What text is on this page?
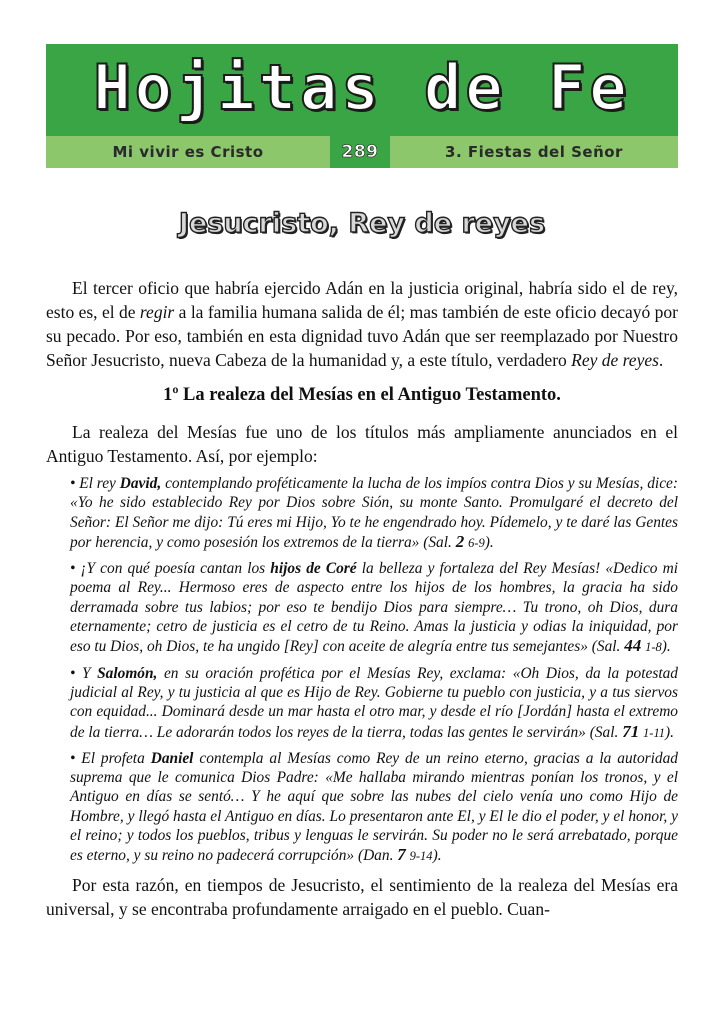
Hojitas de Fe
Mi vivir es Cristo	289	3. Fiestas del Señor
Jesucristo, Rey de reyes

El tercer oficio que habría ejercido Adán en la justicia original, habría sido el de rey, esto es, el de regir a la familia humana salida de él; mas también de este oficio decayó por su pecado. Por eso, también en esta dignidad tuvo Adán que ser reemplazado por Nuestro Señor Jesucristo, nueva Cabeza de la humanidad y, a este título, verdadero Rey de reyes.

1º La realeza del Mesías en el Antiguo Testamento.

La realeza del Mesías fue uno de los títulos más ampliamente anunciados en el Antiguo Testamento. Así, por ejemplo:

• El rey David, contemplando proféticamente la lucha de los impíos contra Dios y su Mesías, dice: «Yo he sido establecido Rey por Dios sobre Sión, su monte Santo. Promulgaré el decreto del Señor: El Señor me dijo: Tú eres mi Hijo, Yo te he engendrado hoy. Pídemelo, y te daré las Gentes por herencia, y como posesión los extremos de la tierra» (Sal. 2 6-9).

• ¡Y con qué poesía cantan los hijos de Coré la belleza y fortaleza del Rey Mesías! «Dedico mi poema al Rey... Hermoso eres de aspecto entre los hijos de los hombres, la gracia ha sido derramada sobre tus labios; por eso te bendijo Dios para siempre… Tu trono, oh Dios, dura eternamente; cetro de justicia es el cetro de tu Reino. Amas la justicia y odias la iniquidad, por eso tu Dios, oh Dios, te ha ungido [Rey] con aceite de alegría entre tus semejantes» (Sal. 44 1-8).

• Y Salomón, en su oración profética por el Mesías Rey, exclama: «Oh Dios, da la potestad judicial al Rey, y tu justicia al que es Hijo de Rey. Gobierne tu pueblo con justicia, y a tus siervos con equidad... Dominará desde un mar hasta el otro mar, y desde el río [Jordán] hasta el extremo de la tierra… Le adorarán todos los reyes de la tierra, todas las gentes le servirán» (Sal. 71 1-11).

• El profeta Daniel contempla al Mesías como Rey de un reino eterno, gracias a la autoridad suprema que le comunica Dios Padre: «Me hallaba mirando mientras ponían los tronos, y el Antiguo en días se sentó… Y he aquí que sobre las nubes del cielo venía uno como Hijo de Hombre, y llegó hasta el Antiguo en días. Lo presentaron ante El, y El le dio el poder, y el honor, y el reino; y todos los pueblos, tribus y lenguas le servirán. Su poder no le será arrebatado, porque es eterno, y su reino no padecerá corrupción» (Dan. 7 9-14).

Por esta razón, en tiempos de Jesucristo, el sentimiento de la realeza del Mesías era universal, y se encontraba profundamente arraigado en el pueblo. Cuan-
